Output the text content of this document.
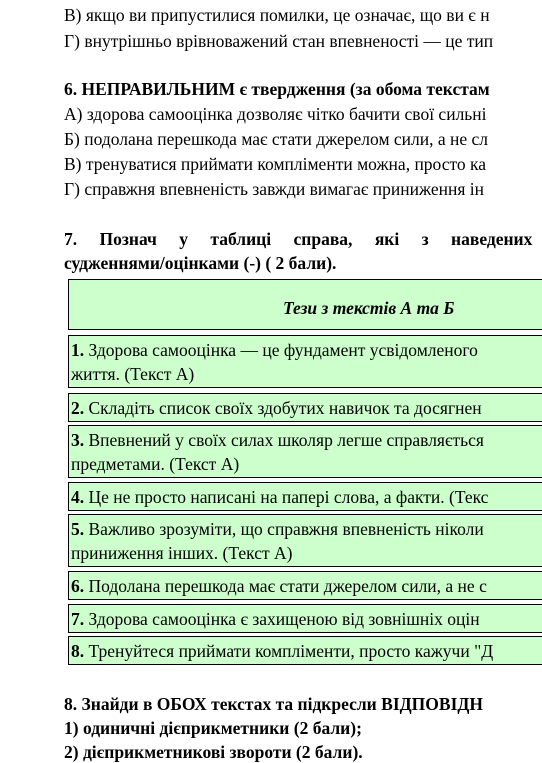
В) якщо ви припустилися помилки, це означає, що ви є н
Г) внутрішньо врівноважений стан впевненості — це тип
6. НЕПРАВИЛЬНИМ є твердження (за обома текстам
А) здорова самооцінка дозволяє чітко бачити свої сильні
Б) подолана перешкода має стати джерелом сили, а не сл
В) тренуватися приймати компліменти можна, просто ка
Г) справжня впевненість завжди вимагає приниження ін
7. Познач у таблиці справа, які з наведених
судженнями/оцінками (-) ( 2 бали).
Тези з текстів А та Б
1. Здорова самооцінка — це фундамент усвідомленого
життя. (Текст А)
2. Складіть список своїх здобутих навичок та досягнен
3. Впевнений у своїх силах школяр легше справляється
предметами. (Текст А)
4. Це не просто написані на папері слова, а факти. (Текс
5. Важливо зрозуміти, що справжня впевненість ніколи
приниження інших. (Текст А)
6. Подолана перешкода має стати джерелом сили, а не с
7. Здорова самооцінка є захищеною від зовнішніх оцін
8. Тренуйтеся приймати компліменти, просто кажучи "Д
8. Знайди в ОБОХ текстах та підкресли ВІДПОВІДН
1) одиничні дієприкметники (2 бали);
2) дієприкметникові звороти (2 бали).
